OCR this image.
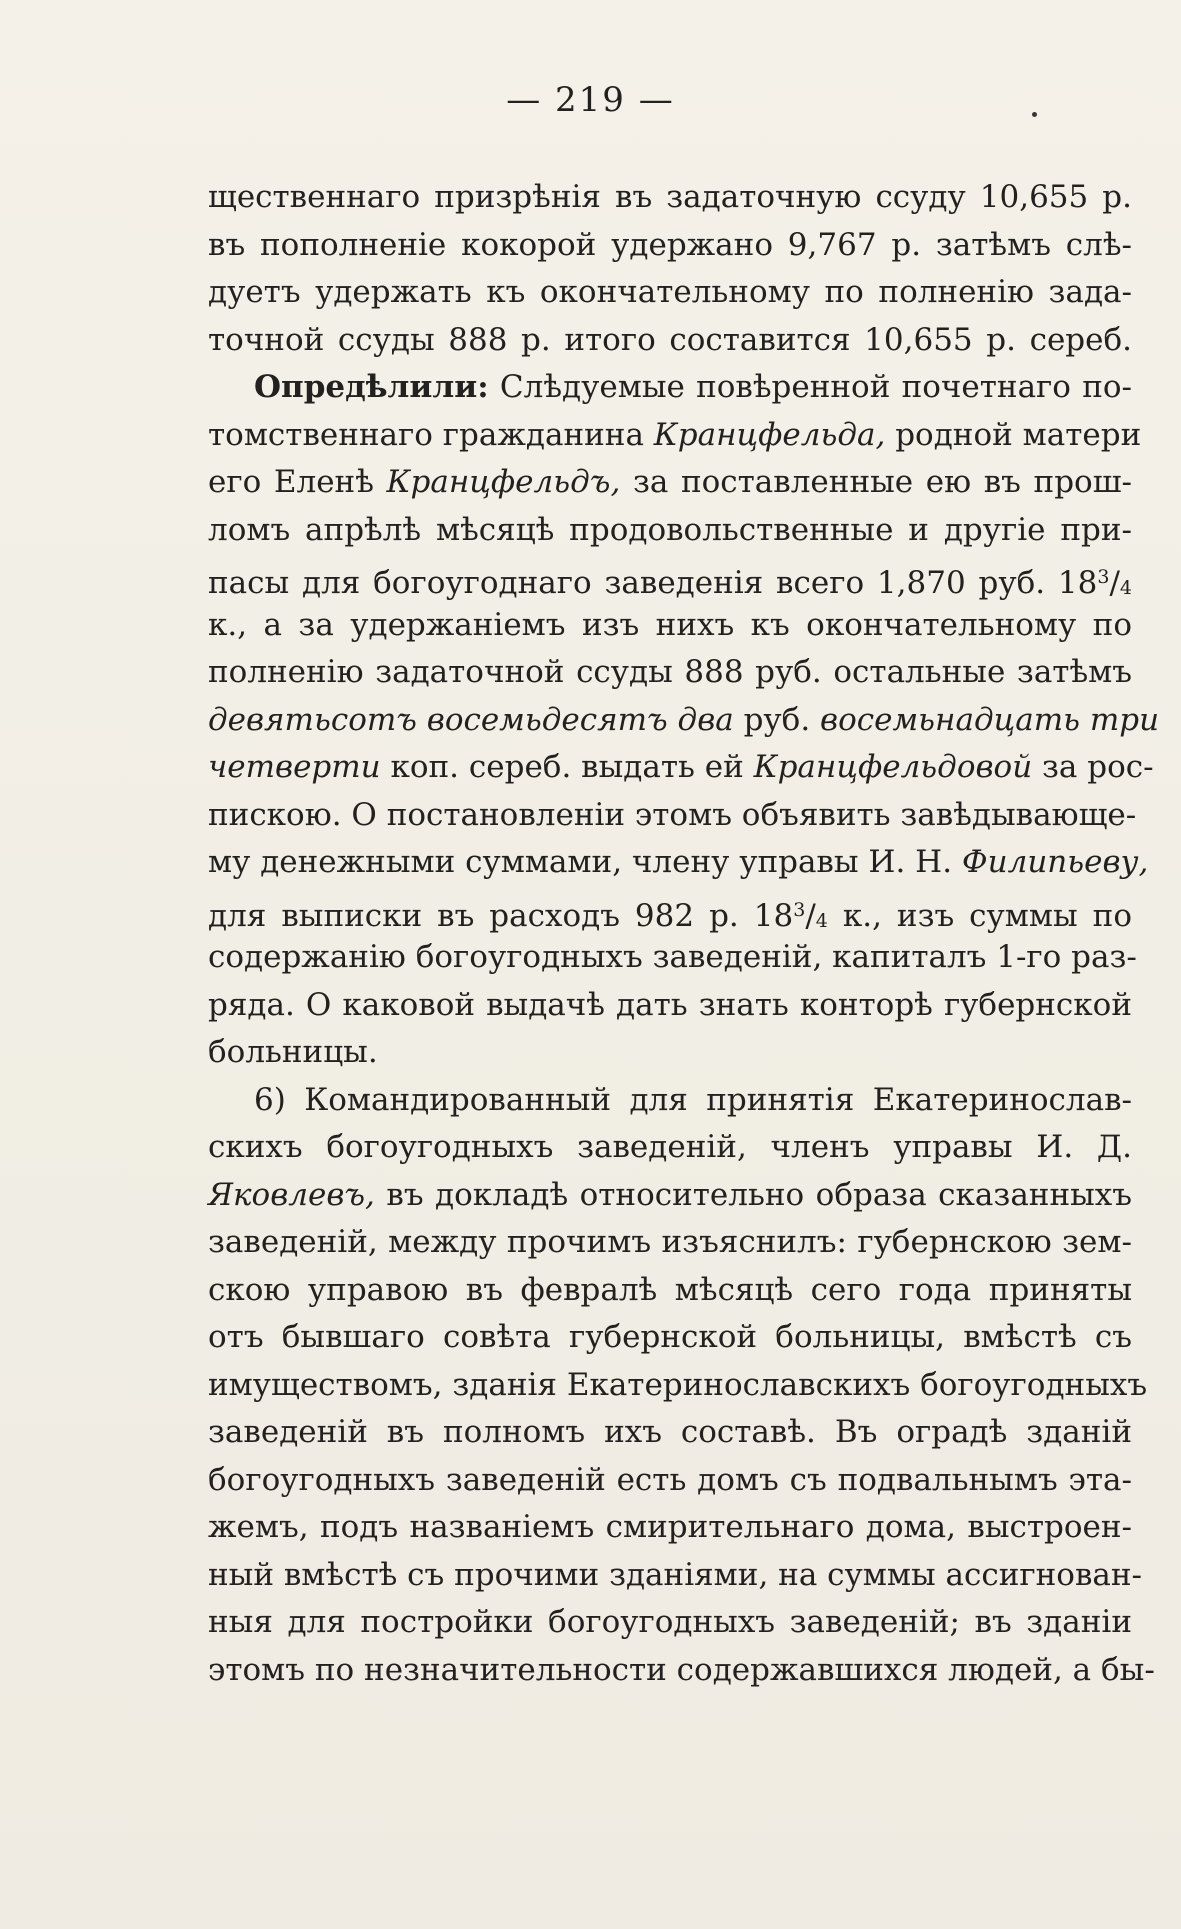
— 219 —
щественнаго призрѣнія въ задаточную ссуду 10,655 р.
въ пополненіе кокорой удержано 9,767 р. затѣмъ слѣ-
дуетъ удержать къ окончательному по полненію зада-
точной ссуды 888 р. итого составится 10,655 р. сереб.
Опредѣлили: Слѣдуемые повѣренной почетнаго по-
томственнаго гражданина Кранцфельда, родной матери
его Еленѣ Кранцфельдъ, за поставленные ею въ прош-
ломъ апрѣлѣ мѣсяцѣ продовольственные и другіе при-
пасы для богоугоднаго заведенія всего 1,870 руб. $18^3/4$
к., а за удержаніемъ изъ нихъ къ окончательному по
полненію задаточной ссуды 888 руб. остальные затѣмъ
девятьсотъ восемьдесятъ два руб. восемьнадцать три
четверти коп. сереб. выдать ей Кранцфельдовой за рос-
пискою. О постановленіи этомъ объявить завѣдывающе-
му денежными суммами, члену управы И. Н. Филипьеву,
для выписки въ расходъ 982 р. $18^3/4$ к., изъ суммы по
содержанію богоугодныхъ заведеній, капиталъ 1-го раз-
ряда. О каковой выдачѣ дать знать конторѣ губернской
больницы.
6) Командированный для принятія Екатеринослав-
скихъ богоугодныхъ заведеній, членъ управы И. Д.
Яковлевъ, въ докладѣ относительно образа сказанныхъ
заведеній, между прочимъ изъяснилъ: губернскою зем-
скою управою въ февралѣ мѣсяцѣ сего года приняты
отъ бывшаго совѣта губернской больницы, вмѣстѣ съ
имуществомъ, зданія Екатеринославскихъ богоугодныхъ
заведеній въ полномъ ихъ составѣ. Въ оградѣ зданій
богоугодныхъ заведеній есть домъ съ подвальнымъ эта-
жемъ, подъ названіемъ смирительнаго дома, выстроен-
ный вмѣстѣ съ прочими зданіями, на суммы ассигнован-
ныя для постройки богоугодныхъ заведеній; въ зданіи
этомъ по незначительности содержавшихся людей, а бы-
